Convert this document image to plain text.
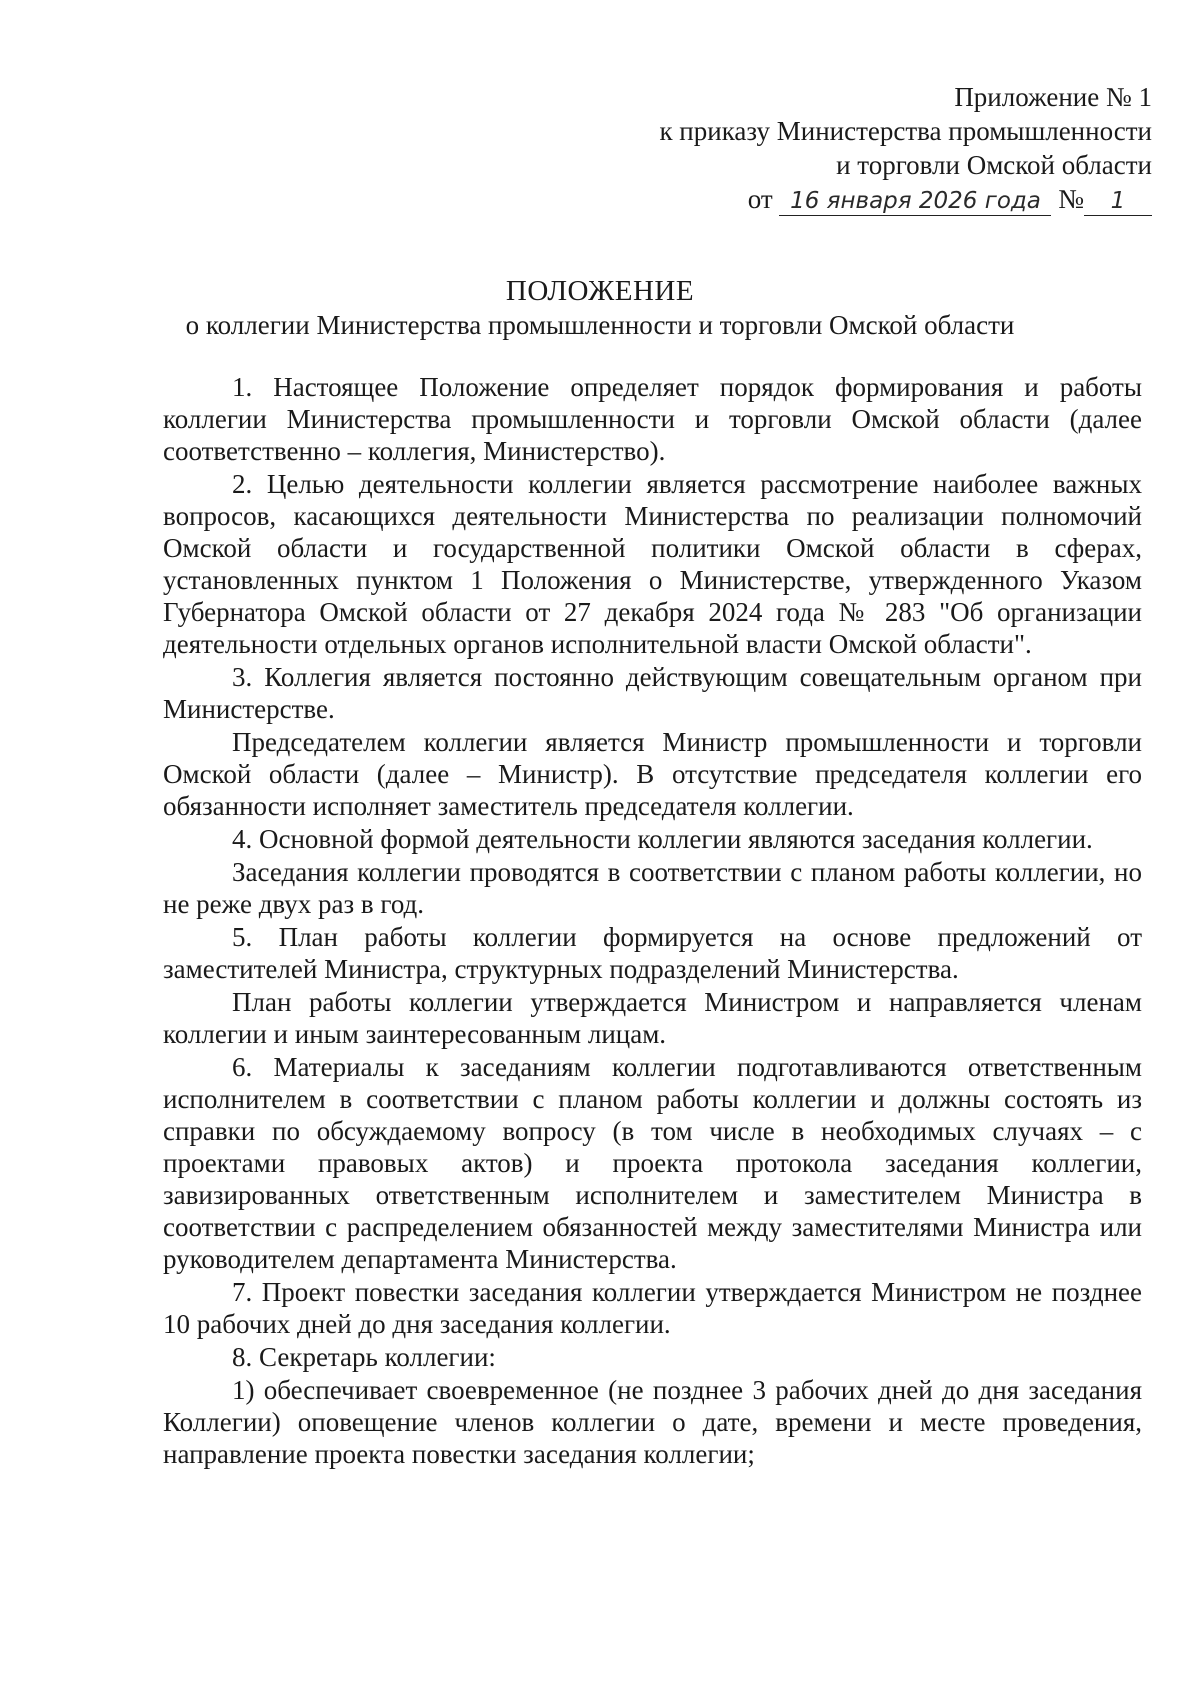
Приложение № 1
к приказу Министерства промышленности
и торговли Омской области
от 16 января 2026 года № 1
ПОЛОЖЕНИЕ
о коллегии Министерства промышленности и торговли Омской области

1. Настоящее Положение определяет порядок формирования и работы коллегии Министерства промышленности и торговли Омской области (далее соответственно – коллегия, Министерство).

2. Целью деятельности коллегии является рассмотрение наиболее важных вопросов, касающихся деятельности Министерства по реализации полномочий Омской области и государственной политики Омской области в сферах, установленных пунктом 1 Положения о Министерстве, утвержденного Указом Губернатора Омской области от 27 декабря 2024 года № 283 "Об организации деятельности отдельных органов исполнительной власти Омской области".

3. Коллегия является постоянно действующим совещательным органом при Министерстве.

Председателем коллегии является Министр промышленности и торговли Омской области (далее – Министр). В отсутствие председателя коллегии его обязанности исполняет заместитель председателя коллегии.

4. Основной формой деятельности коллегии являются заседания коллегии.

Заседания коллегии проводятся в соответствии с планом работы коллегии, но не реже двух раз в год.

5. План работы коллегии формируется на основе предложений от заместителей Министра, структурных подразделений Министерства.

План работы коллегии утверждается Министром и направляется членам коллегии и иным заинтересованным лицам.

6. Материалы к заседаниям коллегии подготавливаются ответственным исполнителем в соответствии с планом работы коллегии и должны состоять из справки по обсуждаемому вопросу (в том числе в необходимых случаях – с проектами правовых актов) и проекта протокола заседания коллегии, завизированных ответственным исполнителем и заместителем Министра в соответствии с распределением обязанностей между заместителями Министра или руководителем департамента Министерства.

7. Проект повестки заседания коллегии утверждается Министром не позднее 10 рабочих дней до дня заседания коллегии.

8. Секретарь коллегии:

1) обеспечивает своевременное (не позднее 3 рабочих дней до дня заседания Коллегии) оповещение членов коллегии о дате, времени и месте проведения, направление проекта повестки заседания коллегии;
